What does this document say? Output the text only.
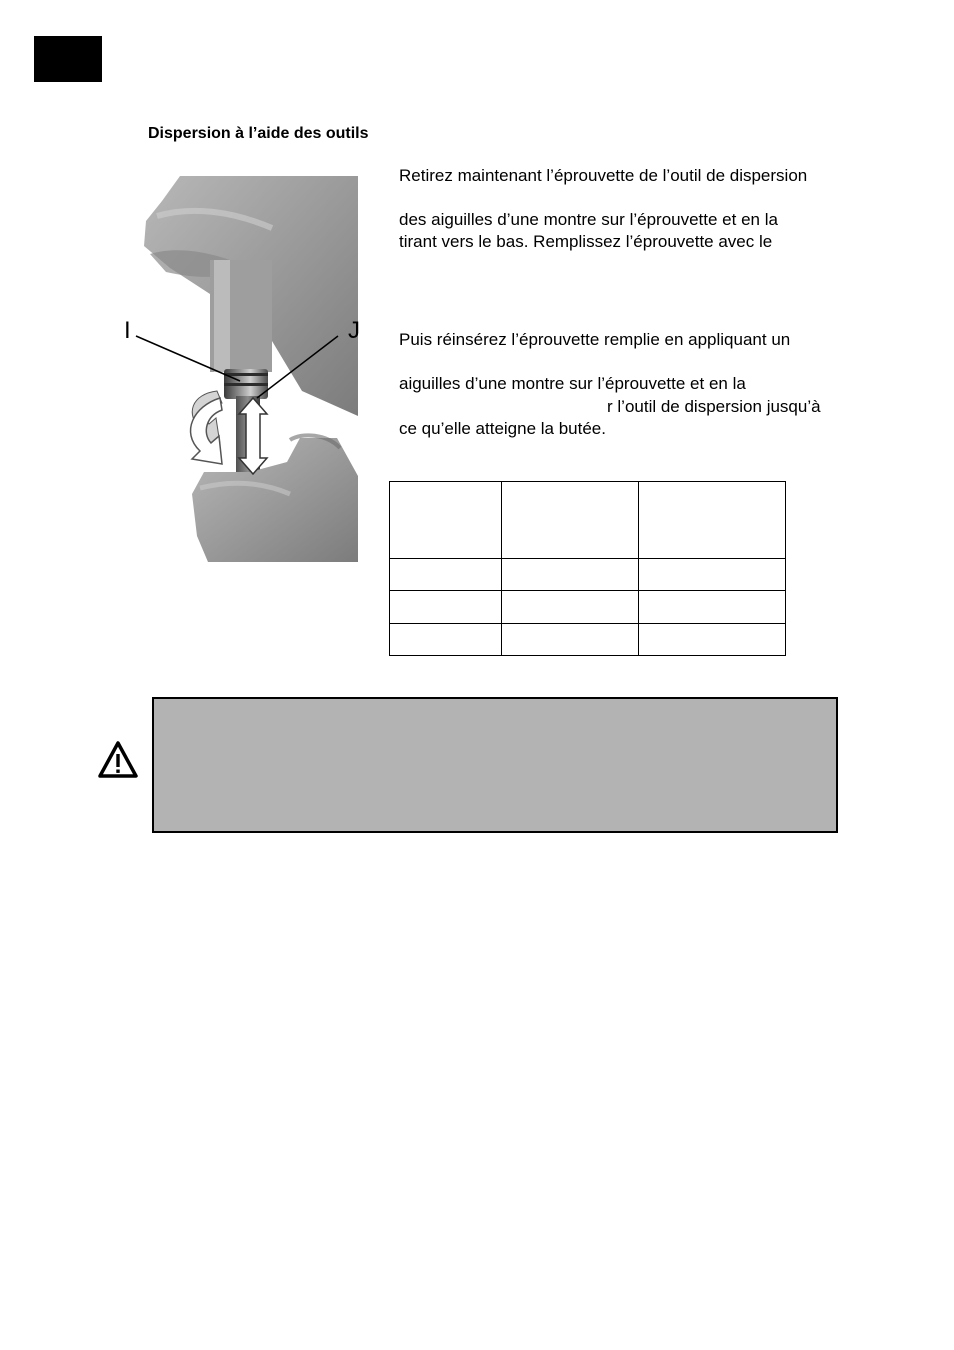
Dispersion à l’aide des outils
I	J
Retirez maintenant l’éprouvette de l’outil de dispersion
des aiguilles d’une montre sur l’éprouvette et en la
tirant vers le bas. Remplissez l’éprouvette avec le
Puis réinsérez l’éprouvette remplie en appliquant un
aiguilles d’une montre sur l’éprouvette et en la
r l’outil de dispersion jusqu’à
ce qu’elle atteigne la butée.
